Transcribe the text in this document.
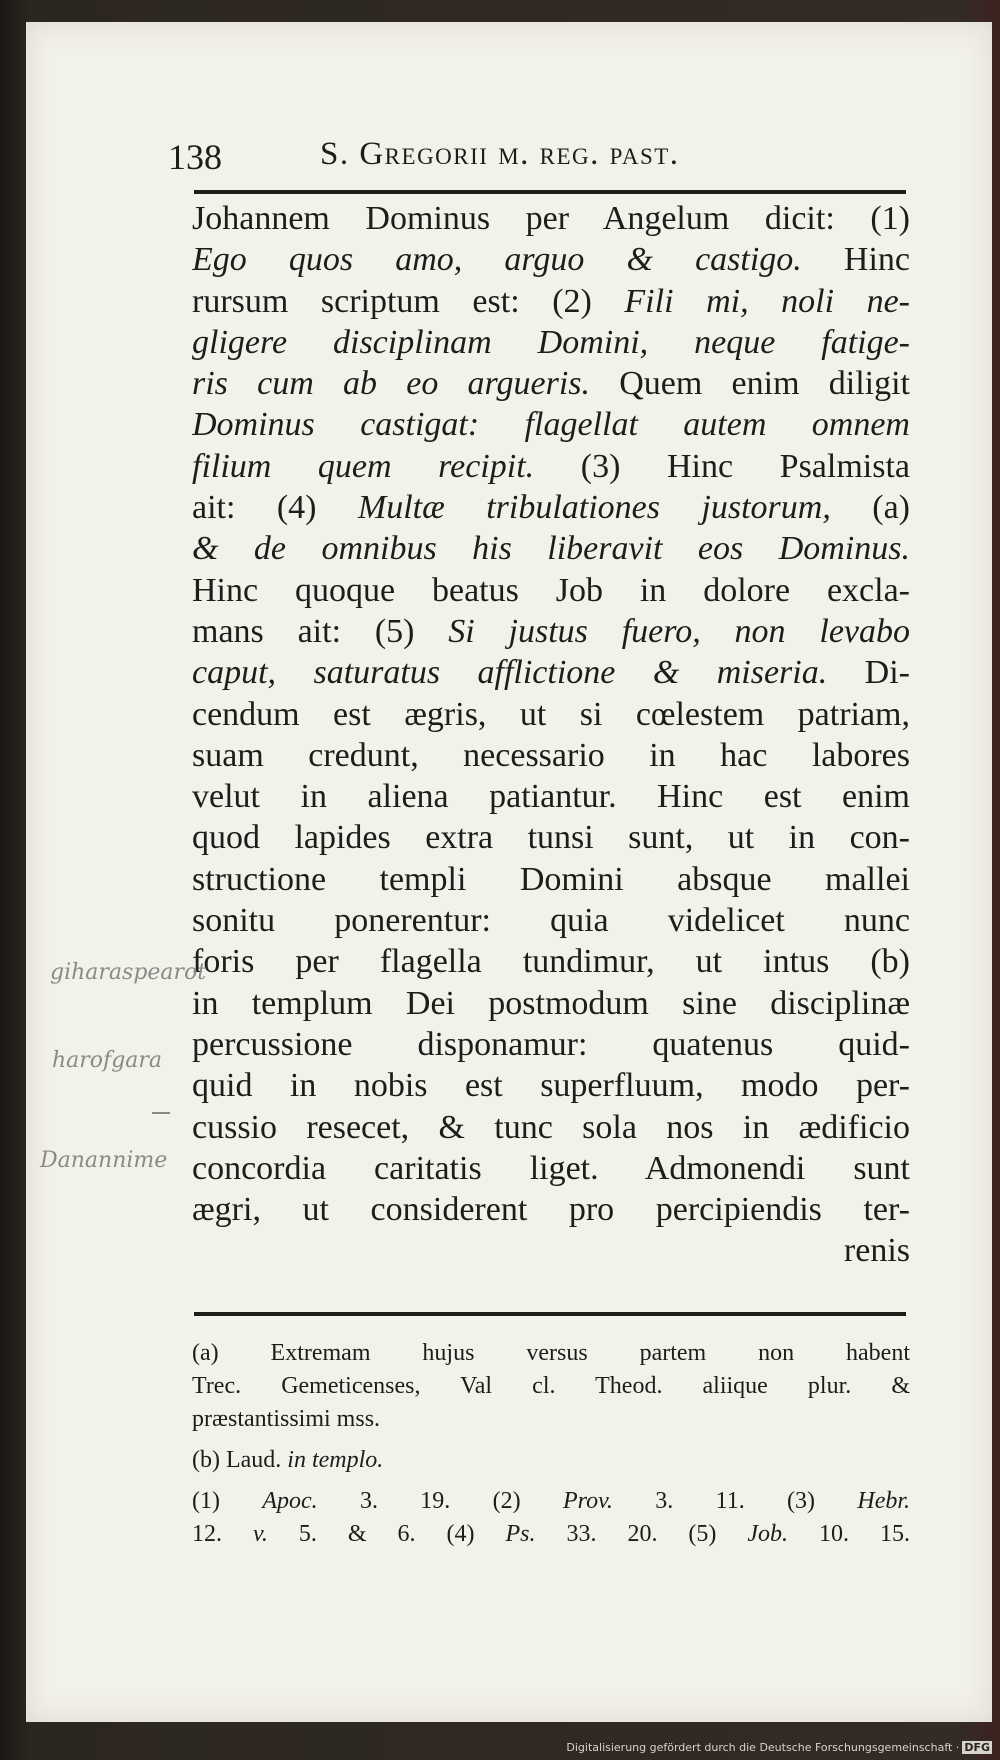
138	S. Gregorii m. reg. past.
Johannem Dominus per Angelum dicit: (1)
Ego quos amo, arguo & castigo. Hinc
rursum scriptum est: (2) Fili mi, noli ne-
gligere disciplinam Domini, neque fatige-
ris cum ab eo argueris. Quem enim diligit
Dominus castigat: flagellat autem omnem
filium quem recipit. (3) Hinc Psalmista
ait: (4) Multæ tribulationes justorum, (a)
& de omnibus his liberavit eos Dominus.
Hinc quoque beatus Job in dolore excla-
mans ait: (5) Si justus fuero, non levabo
caput, saturatus afflictione & miseria. Di-
cendum est ægris, ut si cœlestem patriam,
suam credunt, necessario in hac labores
velut in aliena patiantur. Hinc est enim
quod lapides extra tunsi sunt, ut in con-
structione templi Domini absque mallei
sonitu ponerentur: quia videlicet nunc
foris per flagella tundimur, ut intus (b)
in templum Dei postmodum sine disciplinæ
percussione disponamur: quatenus quid-
quid in nobis est superfluum, modo per-
cussio resecet, & tunc sola nos in ædificio
concordia caritatis liget. Admonendi sunt
ægri, ut considerent pro percipiendis ter-
renis
(a) Extremam hujus versus partem non habent
Trec. Gemeticenses, Val cl. Theod. aliique plur. &
præstantissimi mss.
(b) Laud. in templo.
(1) Apoc. 3. 19. (2) Prov. 3. 11. (3) Hebr.
12. v. 5. & 6. (4) Ps. 33. 20. (5) Job. 10. 15.
giharaspearot
harofgara
Danannime
Digitalisierung gefördert durch die Deutsche Forschungsgemeinschaft · DFG
